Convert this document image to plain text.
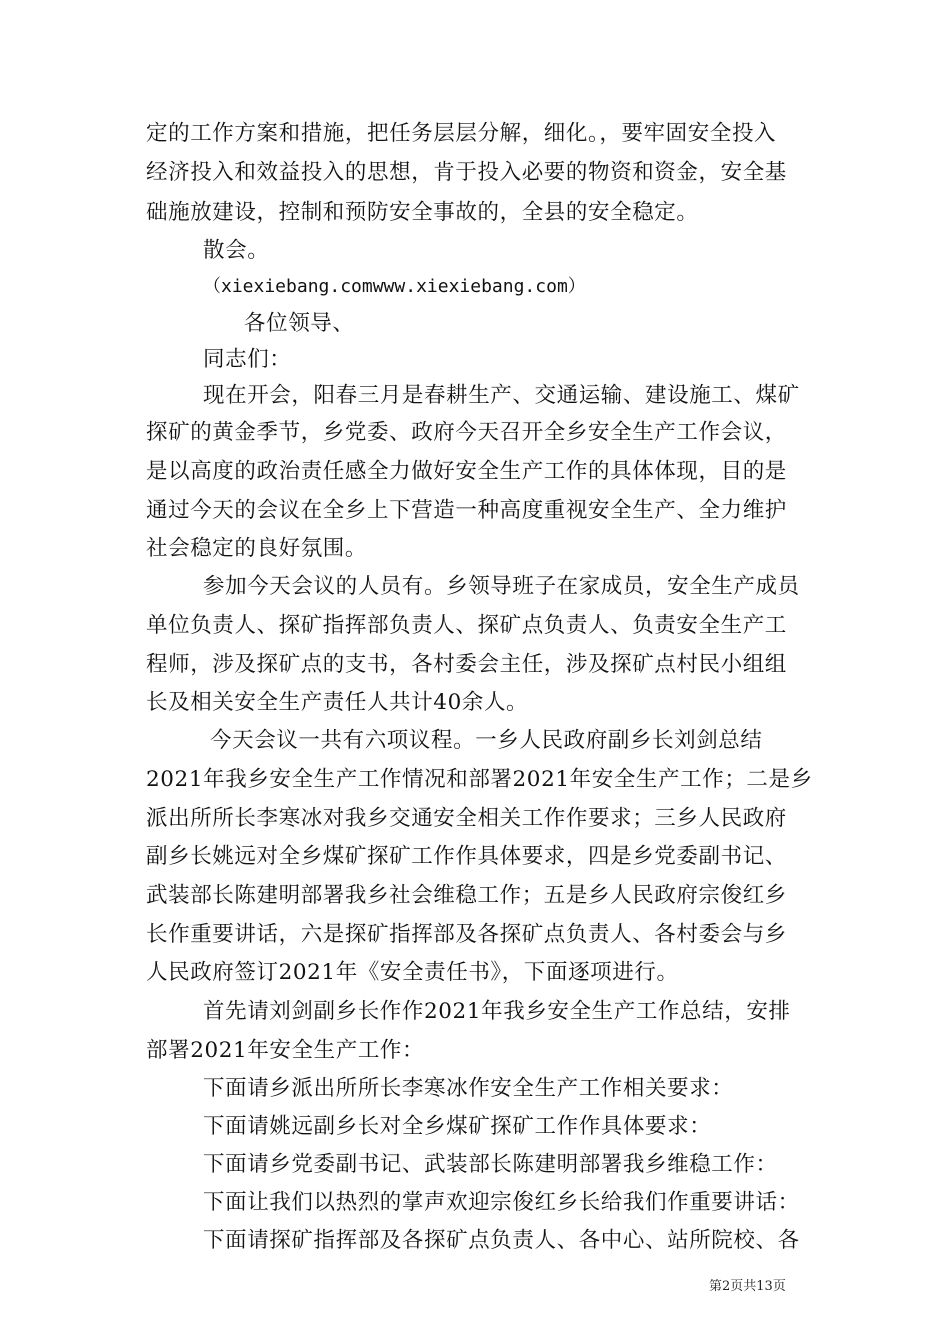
定的工作方案和措施，把任务层层分解，细化。，要牢固安全投入
经济投入和效益投入的思想，肯于投入必要的物资和资金，安全基
础施放建设，控制和预防安全事故的，全县的安全稳定。
散会。
（xiexiebang.comwww.xiexiebang.com）
各位领导、
同志们：
现在开会，阳春三月是春耕生产、交通运输、建设施工、煤矿
探矿的黄金季节，乡党委、政府今天召开全乡安全生产工作会议，
是以高度的政治责任感全力做好安全生产工作的具体体现，目的是
通过今天的会议在全乡上下营造一种高度重视安全生产、全力维护
社会稳定的良好氛围。
参加今天会议的人员有。乡领导班子在家成员，安全生产成员
单位负责人、探矿指挥部负责人、探矿点负责人、负责安全生产工
程师，涉及探矿点的支书，各村委会主任，涉及探矿点村民小组组
长及相关安全生产责任人共计40余人。
今天会议一共有六项议程。一乡人民政府副乡长刘剑总结
2021年我乡安全生产工作情况和部署2021年安全生产工作；二是乡
派出所所长李寒冰对我乡交通安全相关工作作要求；三乡人民政府
副乡长姚远对全乡煤矿探矿工作作具体要求，四是乡党委副书记、
武装部长陈建明部署我乡社会维稳工作；五是乡人民政府宗俊红乡
长作重要讲话，六是探矿指挥部及各探矿点负责人、各村委会与乡
人民政府签订2021年《安全责任书》，下面逐项进行。
首先请刘剑副乡长作作2021年我乡安全生产工作总结，安排
部署2021年安全生产工作：
下面请乡派出所所长李寒冰作安全生产工作相关要求：
下面请姚远副乡长对全乡煤矿探矿工作作具体要求：
下面请乡党委副书记、武装部长陈建明部署我乡维稳工作：
下面让我们以热烈的掌声欢迎宗俊红乡长给我们作重要讲话：
下面请探矿指挥部及各探矿点负责人、各中心、站所院校、各
第2页共13页
